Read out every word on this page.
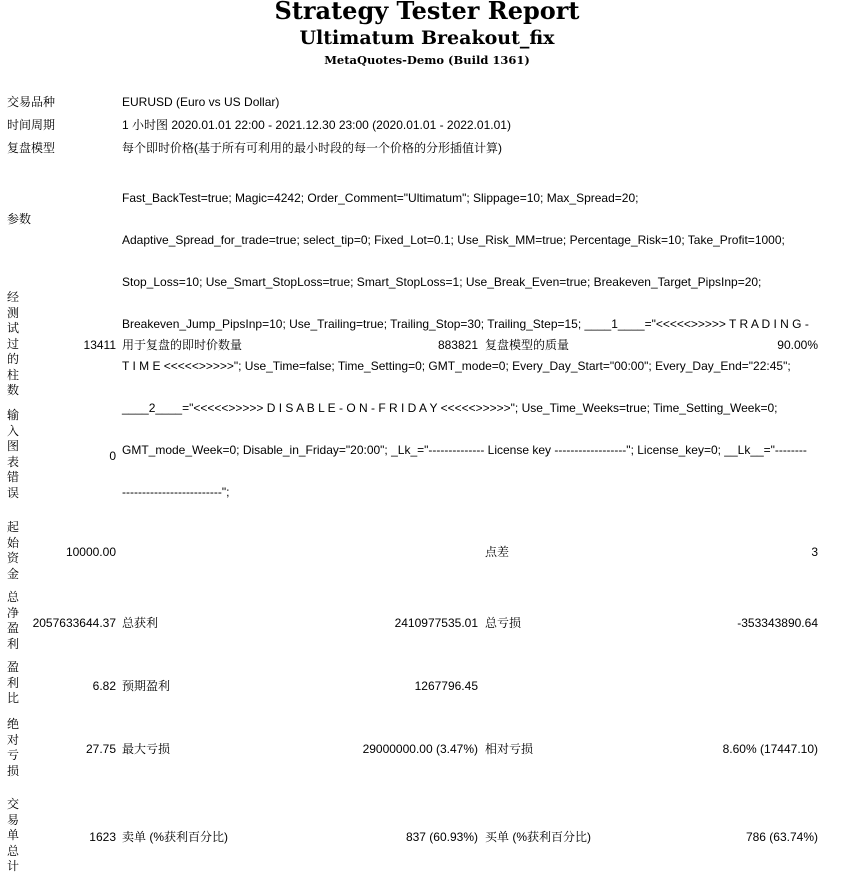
Strategy Tester Report
Ultimatum Breakout_fix
MetaQuotes-Demo (Build 1361)
交易品种	EURUSD (Euro vs US Dollar)
时间周期	1 小时图 2020.01.01 22:00 - 2021.12.30 23:00 (2020.01.01 - 2022.01.01)
复盘模型	每个即时价格(基于所有可利用的最小时段的每一个价格的分形插值计算)
参数

Fast_BackTest=true; Magic=4242; Order_Comment="Ultimatum"; Slippage=10; Max_Spread=20;

Adaptive_Spread_for_trade=true; select_tip=0; Fixed_Lot=0.1; Use_Risk_MM=true; Percentage_Risk=10; Take_Profit=1000;

Stop_Loss=10; Use_Smart_StopLoss=true; Smart_StopLoss=1; Use_Break_Even=true; Breakeven_Target_PipsInp=20;

Breakeven_Jump_PipsInp=10; Use_Trailing=true; Trailing_Stop=30; Trailing_Step=15; ____1____="<<<<<>>>>> T R A D I N G -

T I M E <<<<<>>>>>"; Use_Time=false; Time_Setting=0; GMT_mode=0; Every_Day_Start="00:00"; Every_Day_End="22:45";

____2____="<<<<<>>>>> D I S A B L E - O N - F R I D A Y <<<<<>>>>>"; Use_Time_Weeks=true; Time_Setting_Week=0;

GMT_mode_Week=0; Disable_in_Friday="20:00"; _Lk_="-------------- License key ------------------"; License_key=0; __Lk__="--------

-------------------------";

经
测
试
过
的
柱
数
13411 用于复盘的即时价数量	883821 复盘模型的质量	90.00%
输
入
图
表
错
误
0
起
始
资
金
10000.00	点差	3
总
净
盈
利
2057633644.37 总获利	2410977535.01 总亏损	-353343890.64
盈
利
比
6.82 预期盈利	1267796.45
绝
对
亏
损
27.75 最大亏损	29000000.00 (3.47%) 相对亏损	8.60% (17447.10)
交
易
单
总
计
1623 卖单 (%获利百分比)	837 (60.93%) 买单 (%获利百分比)	786 (63.74%)
